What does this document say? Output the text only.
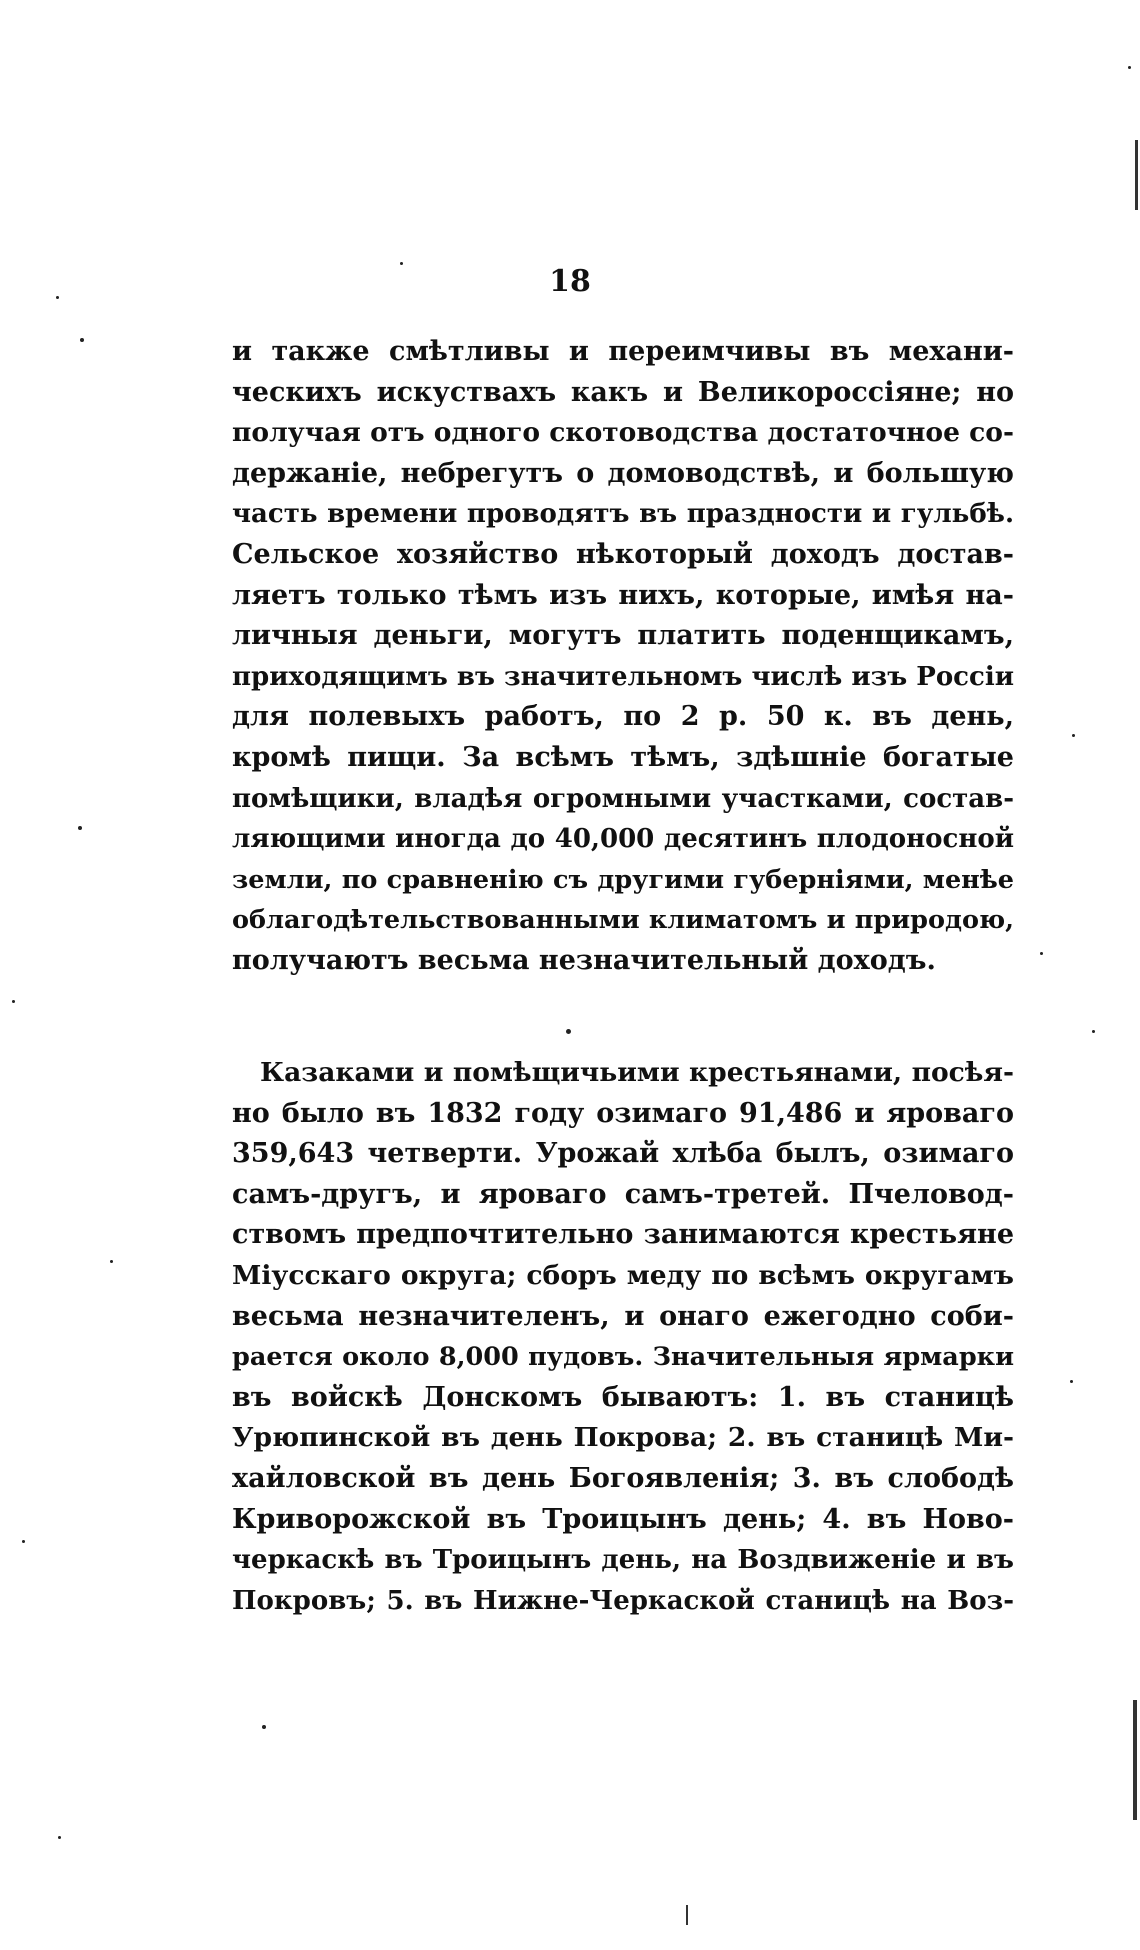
18
и также смѣтливы и переимчивы въ механи-
ческихъ искуствахъ какъ и Великороссіяне; но
получая отъ одного скотоводства достаточное со-
держаніе, небрегутъ о домоводствѣ, и большую
часть времени проводятъ въ праздности и гульбѣ.
Сельское хозяйство нѣкоторый доходъ достав-
ляетъ только тѣмъ изъ нихъ, которые, имѣя на-
личныя деньги, могутъ платить поденщикамъ,
приходящимъ въ значительномъ числѣ изъ Россіи
для полевыхъ работъ, по 2 р. 50 к. въ день,
кромѣ пищи. За всѣмъ тѣмъ, здѣшніе богатые
помѣщики, владѣя огромными участками, состав-
ляющими иногда до 40,000 десятинъ плодоносной
земли, по сравненію съ другими губерніями, менѣе
облагодѣтельствованными климатомъ и природою,
получаютъ весьма незначительный доходъ.
Казаками и помѣщичьими крестьянами, посѣя-
но было въ 1832 году озимаго 91,486 и яроваго
359,643 четверти. Урожай хлѣба былъ, озимаго
самъ-другъ, и яроваго самъ-третей. Пчеловод-
ствомъ предпочтительно занимаются крестьяне
Міусскаго округа; сборъ меду по всѣмъ округамъ
весьма незначителенъ, и онаго ежегодно соби-
рается около 8,000 пудовъ. Значительныя ярмарки
въ войскѣ Донскомъ бываютъ: 1. въ станицѣ
Урюпинской въ день Покрова; 2. въ станицѣ Ми-
хайловской въ день Богоявленія; 3. въ слободѣ
Криворожской въ Троицынъ день; 4. въ Ново-
черкаскѣ въ Троицынъ день, на Воздвиженіе и въ
Покровъ; 5. въ Нижне-Черкаской станицѣ на Воз-
